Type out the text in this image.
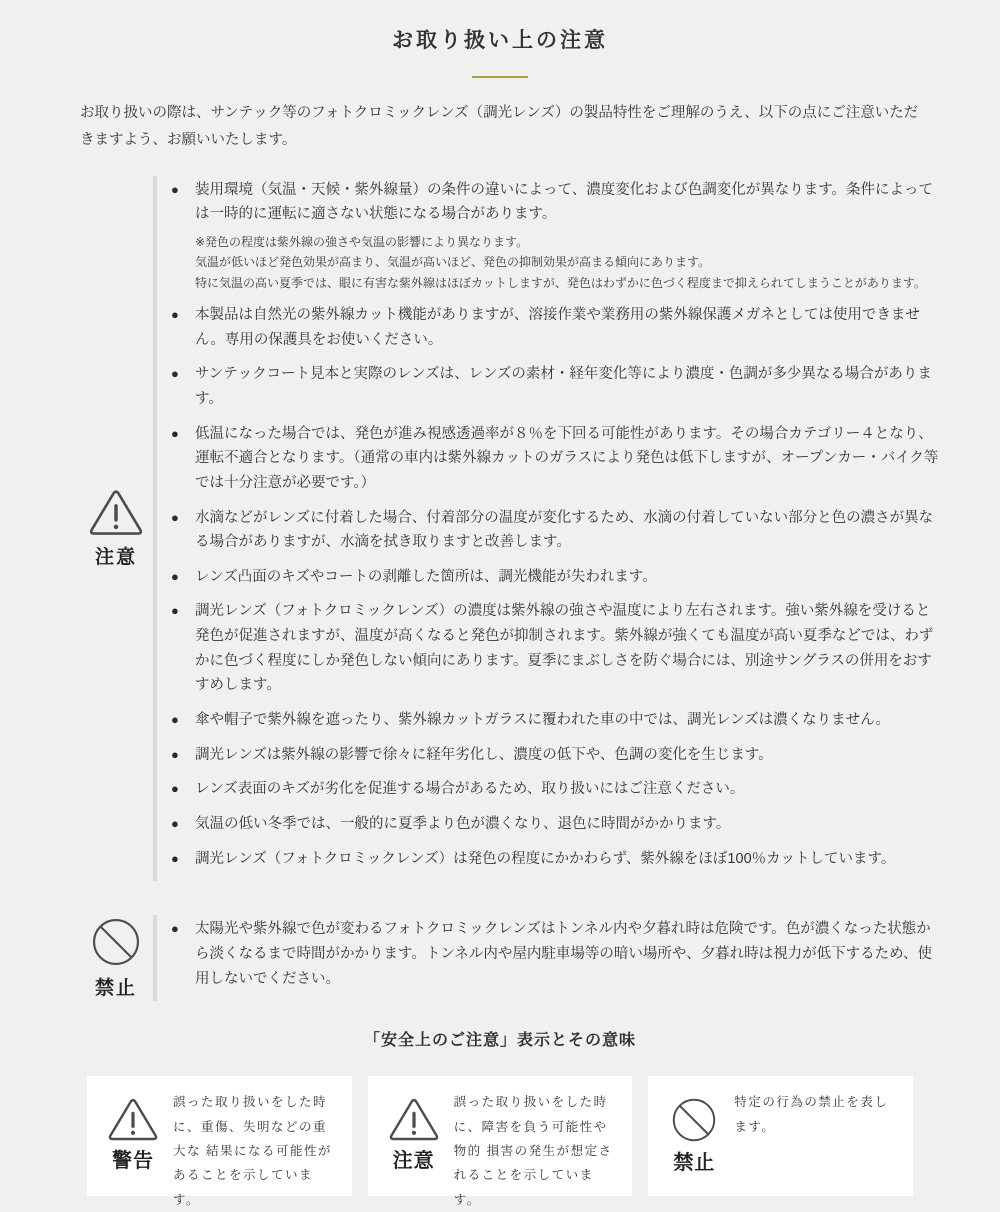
お取り扱い上の注意

お取り扱いの際は、サンテック等のフォトクロミックレンズ（調光レンズ）の製品特性をご理解のうえ、以下の点にご注意いただきますよう、お願いいたします。

注意
● 装用環境（気温・天候・紫外線量）の条件の違いによって、濃度変化および色調変化が異なります。条件によっては一時的に運転に適さない状態になる場合があります。

※発色の程度は紫外線の強さや気温の影響により異なります。

気温が低いほど発色効果が高まり、気温が高いほど、発色の抑制効果が高まる傾向にあります。

特に気温の高い夏季では、眼に有害な紫外線はほぼカットしますが、発色はわずかに色づく程度まで抑えられてしまうことがあります。

● 本製品は自然光の紫外線カット機能がありますが、溶接作業や業務用の紫外線保護メガネとしては使用できません。専用の保護具をお使いください。
● サンテックコート見本と実際のレンズは、レンズの素材・経年変化等により濃度・色調が多少異なる場合があります。
● 低温になった場合では、発色が進み視感透過率が８％を下回る可能性があります。その場合カテゴリー４となり、運転不適合となります。（通常の車内は紫外線カットのガラスにより発色は低下しますが、オープンカー・バイク等では十分注意が必要です。）
● 水滴などがレンズに付着した場合、付着部分の温度が変化するため、水滴の付着していない部分と色の濃さが異なる場合がありますが、水滴を拭き取りますと改善します。
● レンズ凸面のキズやコートの剥離した箇所は、調光機能が失われます。
● 調光レンズ（フォトクロミックレンズ）の濃度は紫外線の強さや温度により左右されます。強い紫外線を受けると発色が促進されますが、温度が高くなると発色が抑制されます。紫外線が強くても温度が高い夏季などでは、わずかに色づく程度にしか発色しない傾向にあります。夏季にまぶしさを防ぐ場合には、別途サングラスの併用をおすすめします。
● 傘や帽子で紫外線を遮ったり、紫外線カットガラスに覆われた車の中では、調光レンズは濃くなりません。
● 調光レンズは紫外線の影響で徐々に経年劣化し、濃度の低下や、色調の変化を生じます。
● レンズ表面のキズが劣化を促進する場合があるため、取り扱いにはご注意ください。
● 気温の低い冬季では、一般的に夏季より色が濃くなり、退色に時間がかかります。
● 調光レンズ（フォトクロミックレンズ）は発色の程度にかかわらず、紫外線をほぼ100％カットしています。
禁止
● 太陽光や紫外線で色が変わるフォトクロミックレンズはトンネル内や夕暮れ時は危険です。色が濃くなった状態から淡くなるまで時間がかかります。トンネル内や屋内駐車場等の暗い場所や、夕暮れ時は視力が低下するため、使用しないでください。
「安全上のご注意」表示とその意味
警告
誤った取り扱いをした時に、重傷、失明などの重大な 結果になる可能性があることを示しています。
注意
誤った取り扱いをした時に、障害を負う可能性や物的 損害の発生が想定されることを示しています。
禁止
特定の行為の禁止を表します。
